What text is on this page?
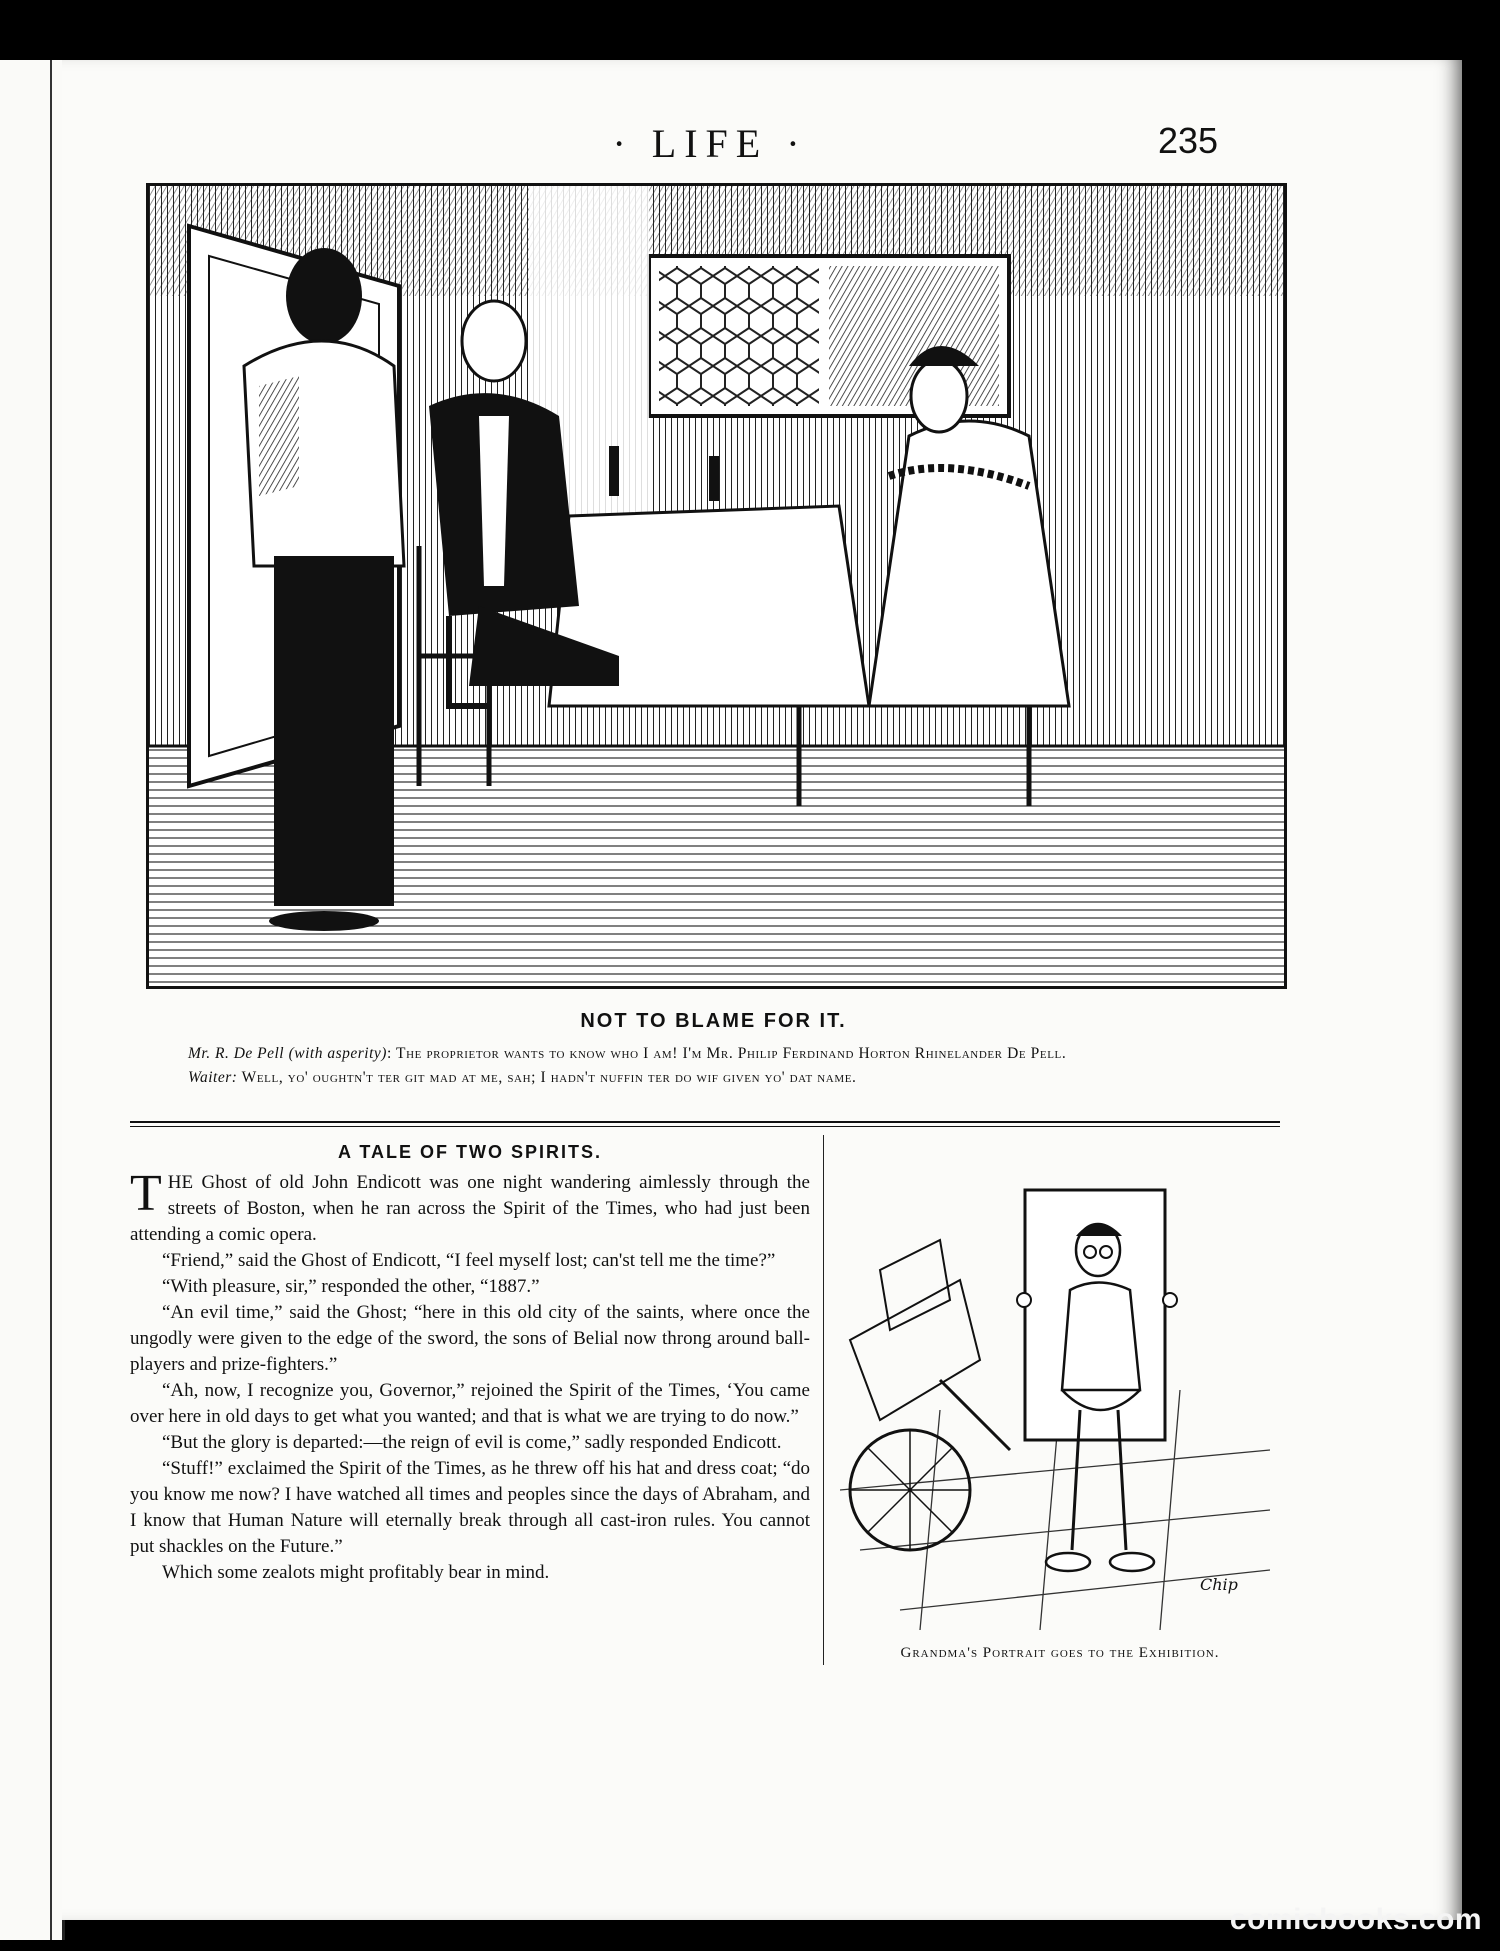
· LIFE ·	235
NOT TO BLAME FOR IT.
Mr. R. De Pell (with asperity): The proprietor wants to know who I am! I'm Mr. Philip Ferdinand Horton Rhinelander De Pell.
Waiter: Well, yo' oughtn't ter git mad at me, sah; I hadn't nuffin ter do wif given yo' dat name.
A TALE OF TWO SPIRITS.

THE Ghost of old John Endicott was one night wandering aimlessly through the streets of Boston, when he ran across the Spirit of the Times, who had just been attending a comic opera.

“Friend,” said the Ghost of Endicott, “I feel myself lost; can'st tell me the time?”

“With pleasure, sir,” responded the other, “1887.”

“An evil time,” said the Ghost; “here in this old city of the saints, where once the ungodly were given to the edge of the sword, the sons of Belial now throng around ball-players and prize-fighters.”

“Ah, now, I recognize you, Governor,” rejoined the Spirit of the Times, ‘You came over here in old days to get what you wanted; and that is what we are trying to do now.”

“But the glory is departed:—the reign of evil is come,” sadly responded Endicott.

“Stuff!” exclaimed the Spirit of the Times, as he threw off his hat and dress coat; “do you know me now? I have watched all times and peoples since the days of Abraham, and I know that Human Nature will eternally break through all cast-iron rules. You cannot put shackles on the Future.”

Which some zealots might profitably bear in mind.

Chip
Grandma's Portrait goes to the Exhibition.
comicbooks.com
